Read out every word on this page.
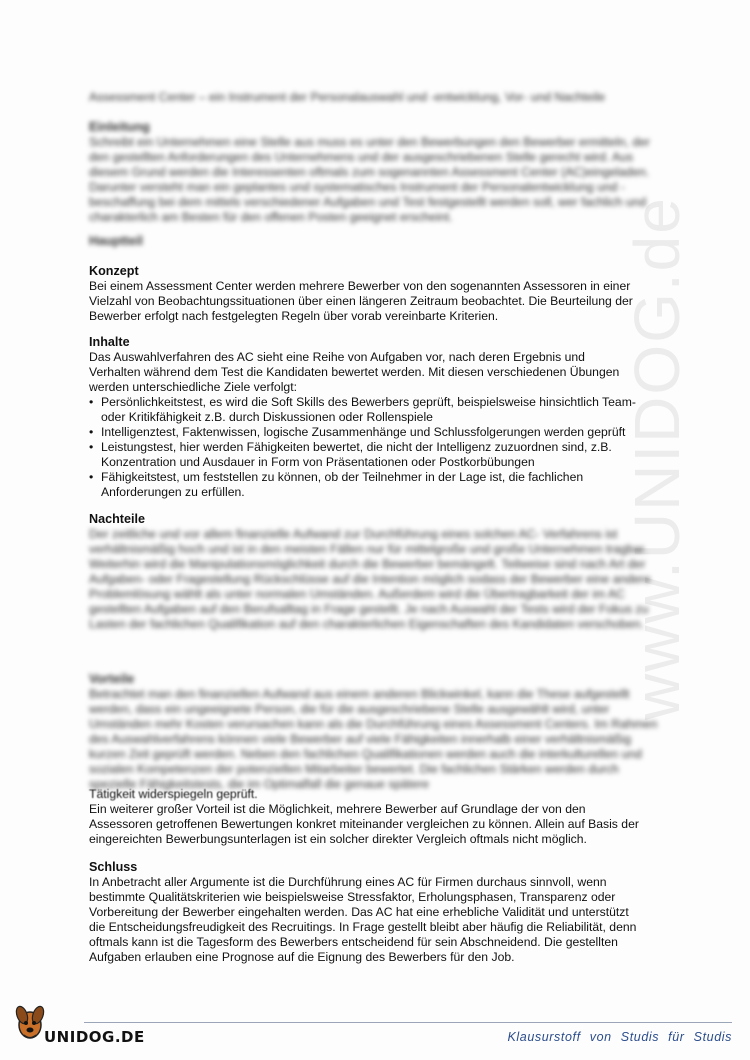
www.UNIDOG.de

Assessment Center – ein Instrument der Personalauswahl und -entwicklung, Vor- und Nachteile

Einleitung

Schreibt ein Unternehmen eine Stelle aus muss es unter den Bewerbungen den Bewerber ermitteln, der den gestellten Anforderungen des Unternehmens und der ausgeschriebenen Stelle gerecht wird. Aus diesem Grund werden die Interessenten oftmals zum sogenannten Assessment Center (AC)eingeladen. Darunter versteht man ein geplantes und systematisches Instrument der Personalentwicklung und -beschaffung bei dem mittels verschiedener Aufgaben und Test festgestellt werden soll, wer fachlich und charakterlich am Besten für den offenen Posten geeignet erscheint.

Hauptteil

Konzept

Bei einem Assessment Center werden mehrere Bewerber von den sogenannten Assessoren in einer
Vielzahl von Beobachtungssituationen über einen längeren Zeitraum beobachtet. Die Beurteilung der
Bewerber erfolgt nach festgelegten Regeln über vorab vereinbarte Kriterien.

Inhalte

Das Auswahlverfahren des AC sieht eine Reihe von Aufgaben vor, nach deren Ergebnis und
Verhalten während dem Test die Kandidaten bewertet werden. Mit diesen verschiedenen Übungen
werden unterschiedliche Ziele verfolgt:
• Persönlichkeitstest, es wird die Soft Skills des Bewerbers geprüft, beispielsweise hinsichtlich Team-
oder Kritikfähigkeit z.B. durch Diskussionen oder Rollenspiele
• Intelligenztest, Faktenwissen, logische Zusammenhänge und Schlussfolgerungen werden geprüft
• Leistungstest, hier werden Fähigkeiten bewertet, die nicht der Intelligenz zuzuordnen sind, z.B.
Konzentration und Ausdauer in Form von Präsentationen oder Postkorbübungen
• Fähigkeitstest, um feststellen zu können, ob der Teilnehmer in der Lage ist, die fachlichen
Anforderungen zu erfüllen.

Nachteile

Der zeitliche und vor allem finanzielle Aufwand zur Durchführung eines solchen AC- Verfahrens ist verhältnismäßig hoch und ist in den meisten Fällen nur für mittelgroße und große Unternehmen tragbar. Weiterhin wird die Manipulationsmöglichkeit durch die Bewerber bemängelt. Teilweise sind nach Art der Aufgaben- oder Fragestellung Rückschlüsse auf die Intention möglich sodass der Bewerber eine andere Problemlösung wählt als unter normalen Umständen. Außerdem wird die Übertragbarkeit der im AC gestellten Aufgaben auf den Berufsalltag in Frage gestellt. Je nach Auswahl der Tests wird der Fokus zu Lasten der fachlichen Qualifikation auf den charakterlichen Eigenschaften des Kandidaten verschoben.

Vorteile

Betrachtet man den finanziellen Aufwand aus einem anderen Blickwinkel, kann die These aufgestellt werden, dass ein ungeeignete Person, die für die ausgeschriebene Stelle ausgewählt wird, unter Umständen mehr Kosten verursachen kann als die Durchführung eines Assessment Centers. Im Rahmen des Auswahlverfahrens können viele Bewerber auf viele Fähigkeiten innerhalb einer verhältnismäßig kurzen Zeit geprüft werden. Neben den fachlichen Qualifikationen werden auch die interkulturellen und sozialen Kompetenzen der potenziellen Mitarbeiter bewertet. Die fachlichen Stärken werden durch spezielle Fähigkeitstests, die im Optimalfall die genaue spätere

Tätigkeit widerspiegeln geprüft.
Ein weiterer großer Vorteil ist die Möglichkeit, mehrere Bewerber auf Grundlage der von den
Assessoren getroffenen Bewertungen konkret miteinander vergleichen zu können. Allein auf Basis der
eingereichten Bewerbungsunterlagen ist ein solcher direkter Vergleich oftmals nicht möglich.

Schluss

In Anbetracht aller Argumente ist die Durchführung eines AC für Firmen durchaus sinnvoll, wenn
bestimmte Qualitätskriterien wie beispielsweise Stressfaktor, Erholungsphasen, Transparenz oder
Vorbereitung der Bewerber eingehalten werden. Das AC hat eine erhebliche Validität und unterstützt
die Entscheidungsfreudigkeit des Recruitings. In Frage gestellt bleibt aber häufig die Reliabilität, denn
oftmals kann ist die Tagesform des Bewerbers entscheidend für sein Abschneidend. Die gestellten
Aufgaben erlauben eine Prognose auf die Eignung des Bewerbers für den Job.
UNIDOG.DE	Klausurstoff von Studis für Studis
